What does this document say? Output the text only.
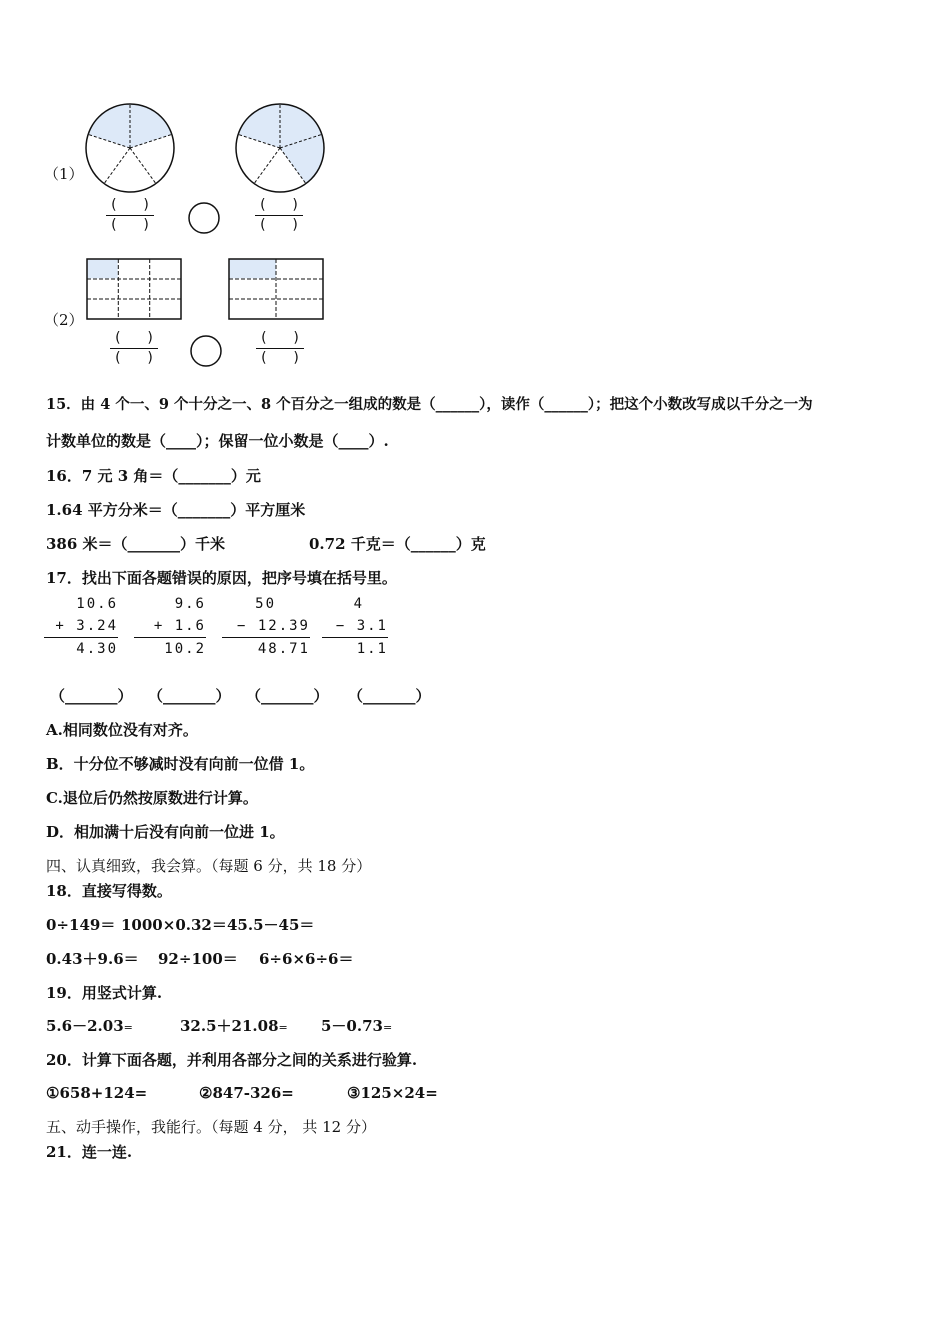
（1）
( )
( )
( )
( )
（2）
( )
( )
( )
( )
15．由 4 个一、9 个十分之一、8 个百分之一组成的数是（______），读作（______）；把这个小数改写成以千分之一为
计数单位的数是（____）；保留一位小数是（____）.
16．7 元 3 角＝（_______）元
1.64 平方分米＝（_______）平方厘米
386 米＝（_______）千米	0.72 千克＝（______）克
17．找出下面各题错误的原因，把序号填在括号里。
10.6
+ 3.24
4.30
9.6
+ 1.6
10.2
50
− 12.39
48.71
4
− 3.1
1.1
（_______） （_______） （_______） （_______）
A.相同数位没有对齐。
B．十分位不够减时没有向前一位借 1。
C.退位后仍然按原数进行计算。
D．相加满十后没有向前一位进 1。
四、认真细致，我会算。（每题 6 分，共 18 分）
18．直接写得数。
0÷149＝ 1000×0.32＝ 45.5－45＝
0.43＋9.6＝ 92÷100＝ 6÷6×6÷6＝
19．用竖式计算.
5.6－2.03=	32.5＋21.08= 5－0.73=
20．计算下面各题，并利用各部分之间的关系进行验算.
①658+124=	②847-326=	③125×24=
五、动手操作，我能行。（每题 4 分， 共 12 分）
21．连一连.
